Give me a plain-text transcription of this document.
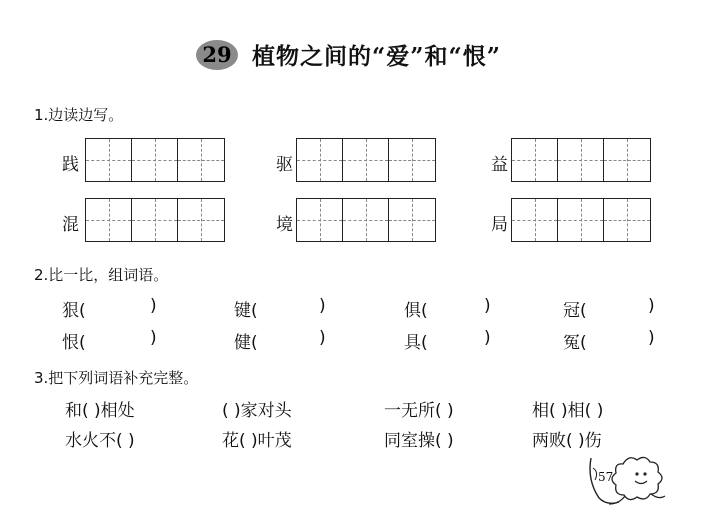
29 植物之间的“爱”和“恨”
1.边读边写。
践	驱	益
混	境	局
2.比一比，组词语。
狠(	)	键(	)	俱(	)	冠(	)
恨(	)	健(	)	具(	)	冤(	)
3.把下列词语补充完整。
和( )相处	( )家对头	一无所( )	相( )相( )
水火不( )	花( )叶茂	同室操( )	两败( )伤
57
